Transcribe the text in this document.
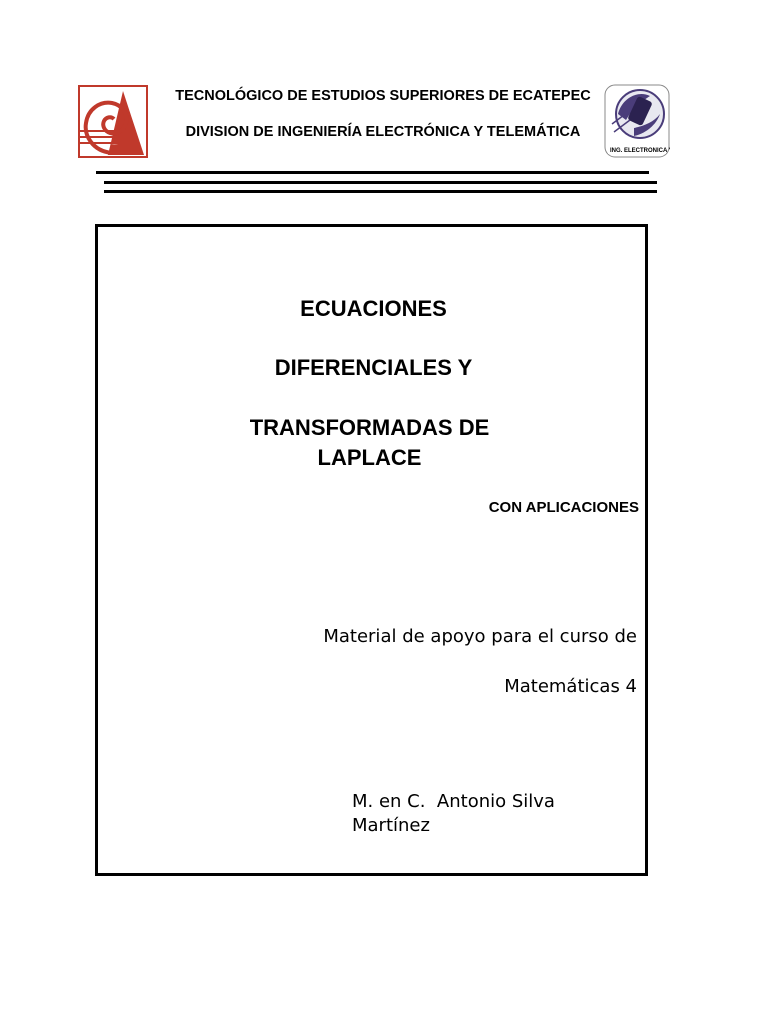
TECNOLÓGICO DE ESTUDIOS SUPERIORES DE ECATEPEC
DIVISION DE INGENIERÍA ELECTRÓNICA Y TELEMÁTICA
ING. ELECTRONICA Y
ECUACIONES
DIFERENCIALES Y
TRANSFORMADAS DE
LAPLACE
CON APLICACIONES
Material de apoyo para el curso de
Matemáticas 4
M. en C.  Antonio Silva
Martínez
